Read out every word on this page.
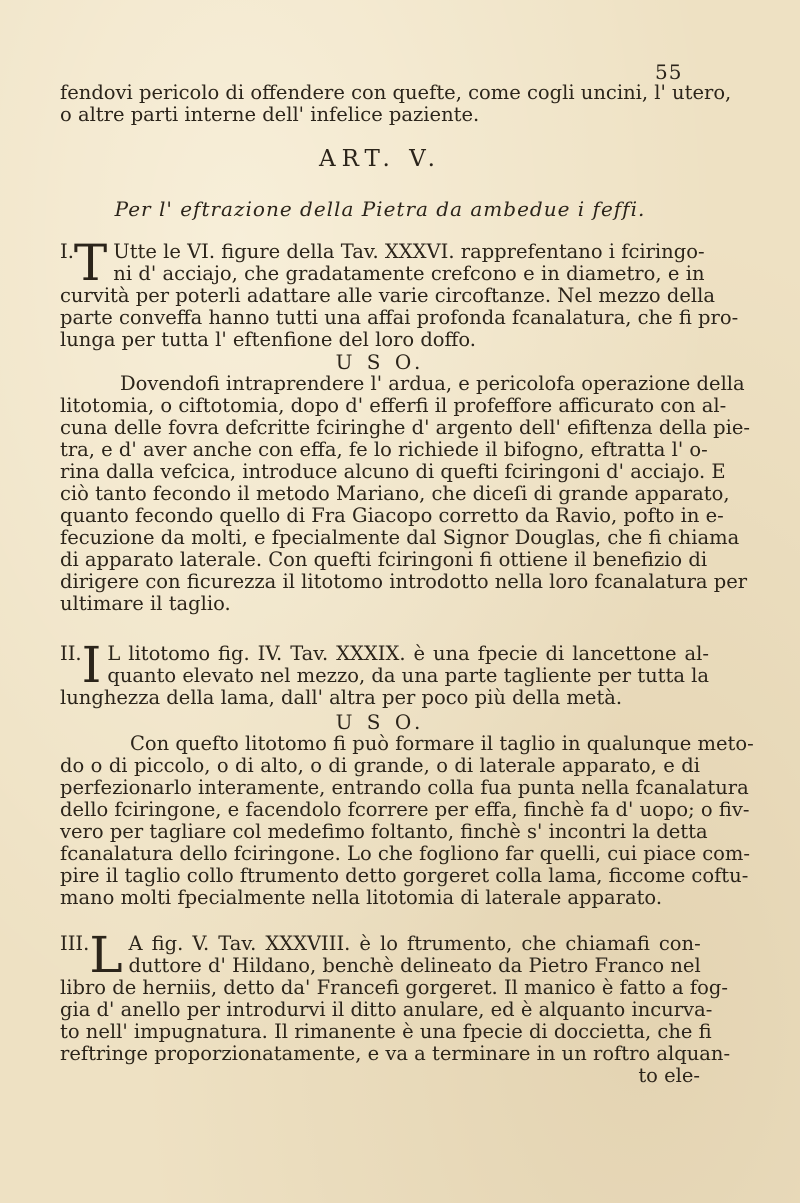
55
fendovi pericolo di offendere con quefte, come cogli uncini, l' utero,
o altre parti interne dell' infelice paziente.
ART. V.
Per l' eftrazione della Pietra da ambedue i feffi.
I. T Utte le VI. figure della Tav. XXXVI. rapprefentano i fciringo-
ni d' acciajo, che gradatamente crefcono e in diametro, e in
curvità per poterli adattare alle varie circoftanze. Nel mezzo della
parte conveffa hanno tutti una affai profonda fcanalatura, che fi pro-
lunga per tutta l' eftenfione del loro doffo.
U S O.
Dovendofi intraprendere l' ardua, e pericolofa operazione della
litotomia, o ciftotomia, dopo d' efferfi il profeffore afficurato con al-
cuna delle fovra defcritte fciringhe d' argento dell' efiftenza della pie-
tra, e d' aver anche con effa, fe lo richiede il bifogno, eftratta l' o-
rina dalla vefcica, introduce alcuno di quefti fciringoni d' acciajo. E
ciò tanto fecondo il metodo Mariano, che diceſi di grande apparato,
quanto fecondo quello di Fra Giacopo corretto da Ravio, pofto in e-
fecuzione da molti, e fpecialmente dal Signor Douglas, che fi chiama
di apparato laterale. Con quefti fciringoni fi ottiene il benefizio di
dirigere con ficurezza il litotomo introdotto nella loro fcanalatura per
ultimare il taglio.
II. I L litotomo fig. IV. Tav. XXXIX. è una fpecie di lancettone al-
quanto elevato nel mezzo, da una parte tagliente per tutta la
lunghezza della lama, dall' altra per poco più della metà.
U S O.
Con quefto litotomo fi può formare il taglio in qualunque meto-
do o di piccolo, o di alto, o di grande, o di laterale apparato, e di
perfezionarlo interamente, entrando colla fua punta nella fcanalatura
dello fciringone, e facendolo fcorrere per effa, finchè fa d' uopo; o fiv-
vero per tagliare col medefimo foltanto, finchè s' incontri la detta
fcanalatura dello fciringone. Lo che fogliono far quelli, cui piace com-
pire il taglio collo ftrumento detto gorgeret colla lama, ficcome coftu-
mano molti fpecialmente nella litotomia di laterale apparato.
III. L A fig. V. Tav. XXXVIII. è lo ftrumento, che chiamafi con-
duttore d' Hildano, benchè delineato da Pietro Franco nel
libro de herniis, detto da' Francefi gorgeret. Il manico è fatto a fog-
gia d' anello per introdurvi il ditto anulare, ed è alquanto incurva-
to nell' impugnatura. Il rimanente è una fpecie di doccietta, che fi
reftringe proporzionatamente, e va a terminare in un roftro alquan-
to ele-
